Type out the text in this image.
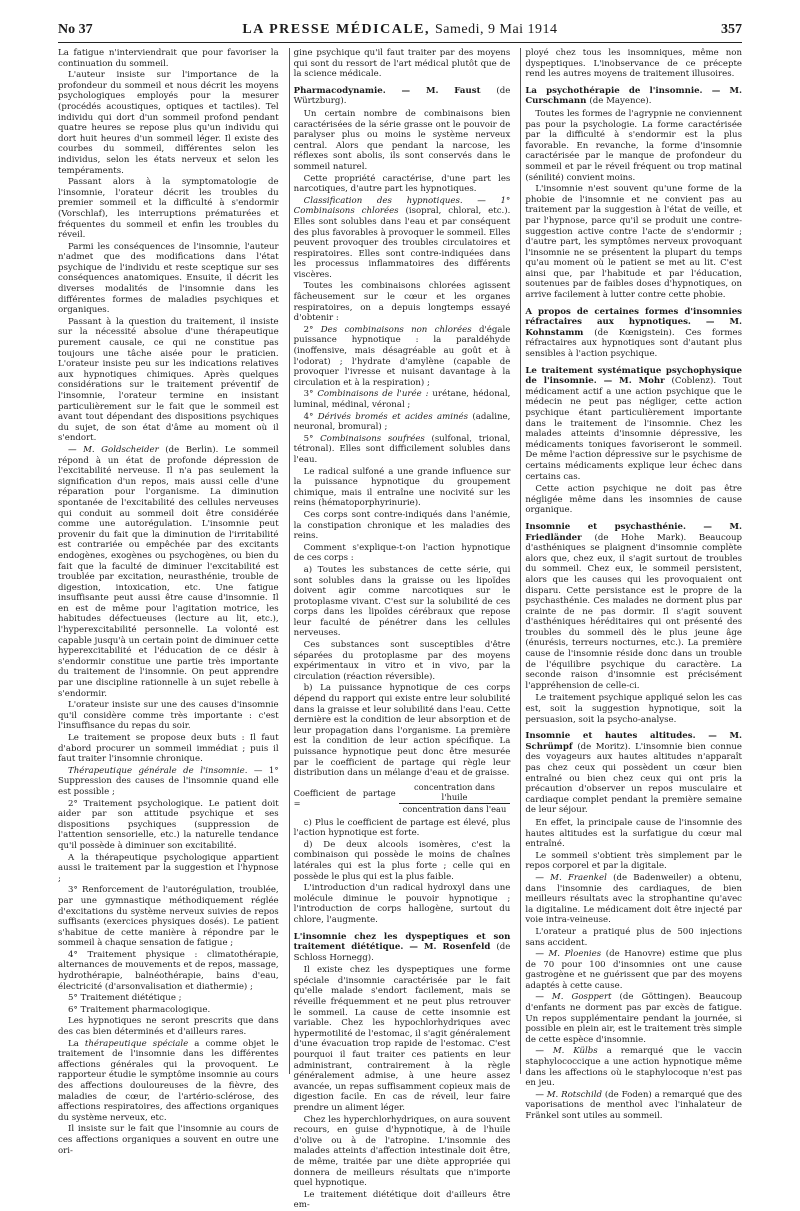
No 37	LA PRESSE MÉDICALE, Samedi, 9 Mai 1914	357

La fatigue n'interviendrait que pour favoriser la continuation du sommeil.

L'auteur insiste sur l'importance de la profondeur du sommeil et nous décrit les moyens psychologiques employés pour la mesurer (procédés acoustiques, optiques et tactiles). Tel individu qui dort d'un sommeil profond pendant quatre heures se repose plus qu'un individu qui dort huit heures d'un sommeil léger. Il existe des courbes du sommeil, différentes selon les individus, selon les états nerveux et selon les tempéraments.

Passant alors à la symptomatologie de l'insomnie, l'orateur décrit les troubles du premier sommeil et la difficulté à s'endormir (Vorschlaf), les interruptions prématurées et fréquentes du sommeil et enfin les troubles du réveil.

Parmi les conséquences de l'insomnie, l'auteur n'admet que des modifications dans l'état psychique de l'individu et reste sceptique sur ses conséquences anatomiques. Ensuite, il décrit les diverses modalités de l'insomnie dans les différentes formes de maladies psychiques et organiques.

Passant à la question du traitement, il insiste sur la nécessité absolue d'une thérapeutique purement causale, ce qui ne constitue pas toujours une tâche aisée pour le praticien. L'orateur insiste peu sur les indications relatives aux hypnotiques chimiques. Après quelques considérations sur le traitement préventif de l'insomnie, l'orateur termine en insistant particulièrement sur le fait que le sommeil est avant tout dépendant des dispositions psychiques du sujet, de son état d'âme au moment où il s'endort.

— M. Goldscheider (de Berlin). Le sommeil répond à un état de profonde dépression de l'excitabilité nerveuse. Il n'a pas seulement la signification d'un repos, mais aussi celle d'une réparation pour l'organisme. La diminution spontanée de l'excitabilité des cellules nerveuses qui conduit au sommeil doit être considérée comme une autorégulation. L'insomnie peut provenir du fait que la diminution de l'irritabilité est contrariée ou empêchée par des excitants endogènes, exogènes ou psychogènes, ou bien du fait que la faculté de diminuer l'excitabilité est troublée par excitation, neurasthénie, trouble de digestion, intoxication, etc. Une fatigue insuffisante peut aussi être cause d'insomnie. Il en est de même pour l'agitation motrice, les habitudes défectueuses (lecture au lit, etc.), l'hyperexcitabilité personnelle. La volonté est capable jusqu'à un certain point de diminuer cette hyperexcitabilité et l'éducation de ce désir à s'endormir constitue une partie très importante du traitement de l'insomnie. On peut apprendre par une discipline rationnelle à un sujet rebelle à s'endormir.

L'orateur insiste sur une des causes d'insomnie qu'il considère comme très importante : c'est l'insuffisance du repas du soir.

Le traitement se propose deux buts : Il faut d'abord procurer un sommeil immédiat ; puis il faut traiter l'insomnie chronique.

Thérapeutique générale de l'insomnie. — 1° Suppression des causes de l'insomnie quand elle est possible ;

2° Traitement psychologique. Le patient doit aider par son attitude psychique et ses dispositions psychiques (suppression de l'attention sensorielle, etc.) la naturelle tendance qu'il possède à diminuer son excitabilité.

A la thérapeutique psychologique appartient aussi le traitement par la suggestion et l'hypnose ;

3° Renforcement de l'autorégulation, troublée, par une gymnastique méthodiquement réglée d'excitations du système nerveux suivies de repos suffisants (exercices physiques dosés). Le patient s'habitue de cette manière à répondre par le sommeil à chaque sensation de fatigue ;

4° Traitement physique : climatothérapie, alternances de mouvements et de repos, massage, hydrothérapie, balnéothérapie, bains d'eau, électricité (d'arsonvalisation et diathermie) ;

5° Traitement diététique ;

6° Traitement pharmacologique.

Les hypnotiques ne seront prescrits que dans des cas bien déterminés et d'ailleurs rares.

La thérapeutique spéciale a comme objet le traitement de l'insomnie dans les différentes affections générales qui la provoquent. Le rapporteur étudie le symptôme insomnie au cours des affections douloureuses de la fièvre, des maladies de cœur, de l'artério-sclérose, des affections respiratoires, des affections organiques du système nerveux, etc.

Il insiste sur le fait que l'insomnie au cours de ces affections organiques a souvent en outre une ori-

gine psychique qu'il faut traiter par des moyens qui sont du ressort de l'art médical plutôt que de la science médicale.

Pharmacodynamie. — M. Faust (de Würtzburg).

Un certain nombre de combinaisons bien caractérisées de la série grasse ont le pouvoir de paralyser plus ou moins le système nerveux central. Alors que pendant la narcose, les réflexes sont abolis, ils sont conservés dans le sommeil naturel.

Cette propriété caractérise, d'une part les narcotiques, d'autre part les hypnotiques.

Classification des hypnotiques. — 1° Combinaisons chlorées (isopral, chloral, etc.). Elles sont solubles dans l'eau et par conséquent des plus favorables à provoquer le sommeil. Elles peuvent provoquer des troubles circulatoires et respiratoires. Elles sont contre-indiquées dans les processus inflammatoires des différents viscères.

Toutes les combinaisons chlorées agissent fâcheusement sur le cœur et les organes respiratoires, on a depuis longtemps essayé d'obtenir :

2° Des combinaisons non chlorées d'égale puissance hypnotique : la paraldéhyde (inoffensive, mais désagréable au goût et à l'odorat) ; l'hydrate d'amylène (capable de provoquer l'ivresse et nuisant davantage à la circulation et à la respiration) ;

3° Combinaisons de l'urée : urétane, hédonal, luminal, médinal, véronal ;

4° Dérivés bromés et acides aminés (adaline, neuronal, bromural) ;

5° Combinaisons soufrées (sulfonal, trional, tétronal). Elles sont difficilement solubles dans l'eau.

Le radical sulfoné a une grande influence sur la puissance hypnotique du groupement chimique, mais il entraîne une nocivité sur les reins (hématoporphyrinurie).

Ces corps sont contre-indiqués dans l'anémie, la constipation chronique et les maladies des reins.

Comment s'explique-t-on l'action hypnotique de ces corps :

a) Toutes les substances de cette série, qui sont solubles dans la graisse ou les lipoïdes doivent agir comme narcotiques sur le protoplasme vivant. C'est sur la solubilité de ces corps dans les lipoïdes cérébraux que repose leur faculté de pénétrer dans les cellules nerveuses.

Ces substances sont susceptibles d'être séparées du protoplasme par des moyens expérimentaux in vitro et in vivo, par la circulation (réaction réversible).

b) La puissance hypnotique de ces corps dépend du rapport qui existe entre leur solubilité dans la graisse et leur solubilité dans l'eau. Cette dernière est la condition de leur absorption et de leur propagation dans l'organisme. La première est la condition de leur action spécifique. La puissance hypnotique peut donc être mesurée par le coefficient de partage qui règle leur distribution dans un mélange d'eau et de graisse.

Coefficient de partage =	$\frac{\text{concentration dans l'huile}}{\text{concentration dans l'eau}}$

c) Plus le coefficient de partage est élevé, plus l'action hypnotique est forte.

d) De deux alcools isomères, c'est la combinaison qui possède le moins de chaînes latérales qui est la plus forte ; celle qui en possède le plus qui est la plus faible.

L'introduction d'un radical hydroxyl dans une molécule diminue le pouvoir hypnotique ; l'introduction de corps hallogène, surtout du chlore, l'augmente.

L'insomnie chez les dyspeptiques et son traitement diététique. — M. Rosenfeld (de Schloss Hornegg).

Il existe chez les dyspeptiques une forme spéciale d'insomnie caractérisée par le fait qu'elle malade s'endort facilement, mais se réveille fréquemment et ne peut plus retrouver le sommeil. La cause de cette insomnie est variable. Chez les hypochlorhydriques avec hypermotilité de l'estomac, il s'agit généralement d'une évacuation trop rapide de l'estomac. C'est pourquoi il faut traiter ces patients en leur administrant, contrairement à la règle généralement admise, à une heure assez avancée, un repas suffisamment copieux mais de digestion facile. En cas de réveil, leur faire prendre un aliment léger.

Chez les hyperchlorhydriques, on aura souvent recours, en guise d'hypnotique, à de l'huile d'olive ou à de l'atropine. L'insomnie des malades atteints d'affection intestinale doit être, de même, traitée par une diète appropriée qui donnera de meilleurs résultats que n'importe quel hypnotique.

Le traitement diététique doit d'ailleurs être em-

ployé chez tous les insomniques, même non dyspeptiques. L'inobservance de ce précepte rend les autres moyens de traitement illusoires.

La psychothérapie de l'insomnie. — M. Curschmann (de Mayence).

Toutes les formes de l'agrypnie ne conviennent pas pour la psychologie. La forme caractérisée par la difficulté à s'endormir est la plus favorable. En revanche, la forme d'insomnie caractérisée par le manque de profondeur du sommeil et par le réveil fréquent ou trop matinal (sénilité) convient moins.

L'insomnie n'est souvent qu'une forme de la phobie de l'insomnie et ne convient pas au traitement par la suggestion à l'état de veille, et par l'hypnose, parce qu'il se produit une contre-suggestion active contre l'acte de s'endormir ; d'autre part, les symptômes nerveux provoquant l'insomnie ne se présentent la plupart du temps qu'au moment où le patient se met au lit. C'est ainsi que, par l'habitude et par l'éducation, soutenues par de faibles doses d'hypnotiques, on arrive facilement à lutter contre cette phobie.

A propos de certaines formes d'insomnies réfractaires aux hypnotiques. — M. Kohnstamm (de Kœnigstein). Ces formes réfractaires aux hypnotiques sont d'autant plus sensibles à l'action psychique.
Le traitement systématique psychophysique de l'insomnie. — M. Mohr (Coblenz). Tout médicament actif a une action psychique que le médecin ne peut pas négliger, cette action psychique étant particulièrement importante dans le traitement de l'insomnie. Chez les malades atteints d'insomnie dépressive, les médicaments toniques favoriseront le sommeil. De même l'action dépressive sur le psychisme de certains médicaments explique leur échec dans certains cas.

Cette action psychique ne doit pas être négligée même dans les insomnies de cause organique.

Insomnie et psychasthénie. — M. Friedländer (de Hohe Mark). Beaucoup d'asthéniques se plaignent d'insomnie complète alors que, chez eux, il s'agit surtout de troubles du sommeil. Chez eux, le sommeil persistent, alors que les causes qui les provoquaient ont disparu. Cette persistance est le propre de la psychasthénie. Ces malades ne dorment plus par crainte de ne pas dormir. Il s'agit souvent d'asthéniques héréditaires qui ont présenté des troubles du sommeil dès le plus jeune âge (énurésis, terreurs nocturnes, etc.). La première cause de l'insomnie réside donc dans un trouble de l'équilibre psychique du caractère. La seconde raison d'insomnie est précisément l'appréhension de celle-ci.

Le traitement psychique appliqué selon les cas est, soit la suggestion hypnotique, soit la persuasion, soit la psycho-analyse.

Insomnie et hautes altitudes. — M. Schrümpf (de Moritz). L'insomnie bien connue des voyageurs aux hautes altitudes n'apparaît pas chez ceux qui possèdent un cœur bien entraîné ou bien chez ceux qui ont pris la précaution d'observer un repos musculaire et cardiaque complet pendant la première semaine de leur séjour.

En effet, la principale cause de l'insomnie des hautes altitudes est la surfatigue du cœur mal entraîné.

Le sommeil s'obtient très simplement par le repos corporel et par la digitale.

— M. Fraenkel (de Badenweiler) a obtenu, dans l'insomnie des cardiaques, de bien meilleurs résultats avec la strophantine qu'avec la digitaline. Le médicament doit être injecté par voie intra-veineuse.

L'orateur a pratiqué plus de 500 injections sans accident.

— M. Ploenies (de Hanovre) estime que plus de 70 pour 100 d'insomnies ont une cause gastrogène et ne guérissent que par des moyens adaptés à cette cause.

— M. Gosppert (de Göttingen). Beaucoup d'enfants ne dorment pas par excès de fatigue. Un repos supplémentaire pendant la journée, si possible en plein air, est le traitement très simple de cette espèce d'insomnie.

— M. Külbs a remarqué que le vaccin staphylococcique a une action hypnotique même dans les affections où le staphylocoque n'est pas en jeu.

— M. Rotschild (de Foden) a remarqué que des vaporisations de menthol avec l'inhalateur de Fränkel sont utiles au sommeil.
